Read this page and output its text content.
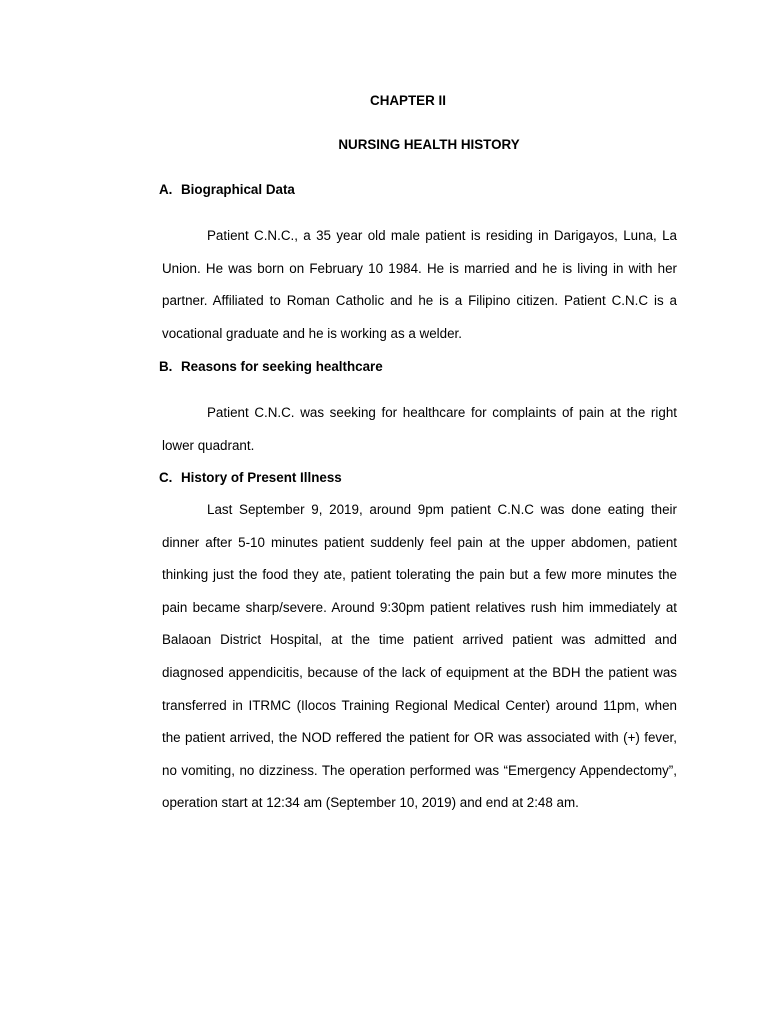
CHAPTER II
NURSING HEALTH HISTORY
A. Biographical Data

Patient C.N.C., a 35 year old male patient is residing in Darigayos, Luna, La Union. He was born on February 10 1984. He is married and he is living in with her partner. Affiliated to Roman Catholic and he is a Filipino citizen. Patient C.N.C is a vocational graduate and he is working as a welder.

B. Reasons for seeking healthcare

Patient C.N.C. was seeking for healthcare for complaints of pain at the right lower quadrant.

C. History of Present Illness

Last September 9, 2019, around 9pm patient C.N.C was done eating their dinner after 5-10 minutes patient suddenly feel pain at the upper abdomen, patient thinking just the food they ate, patient tolerating the pain but a few more minutes the pain became sharp/severe. Around 9:30pm patient relatives rush him immediately at Balaoan District Hospital, at the time patient arrived patient was admitted and diagnosed appendicitis, because of the lack of equipment at the BDH the patient was transferred in ITRMC (Ilocos Training Regional Medical Center) around 11pm, when the patient arrived, the NOD reffered the patient for OR was associated with (+) fever, no vomiting, no dizziness. The operation performed was “Emergency Appendectomy”, operation start at 12:34 am (September 10, 2019) and end at 2:48 am.
